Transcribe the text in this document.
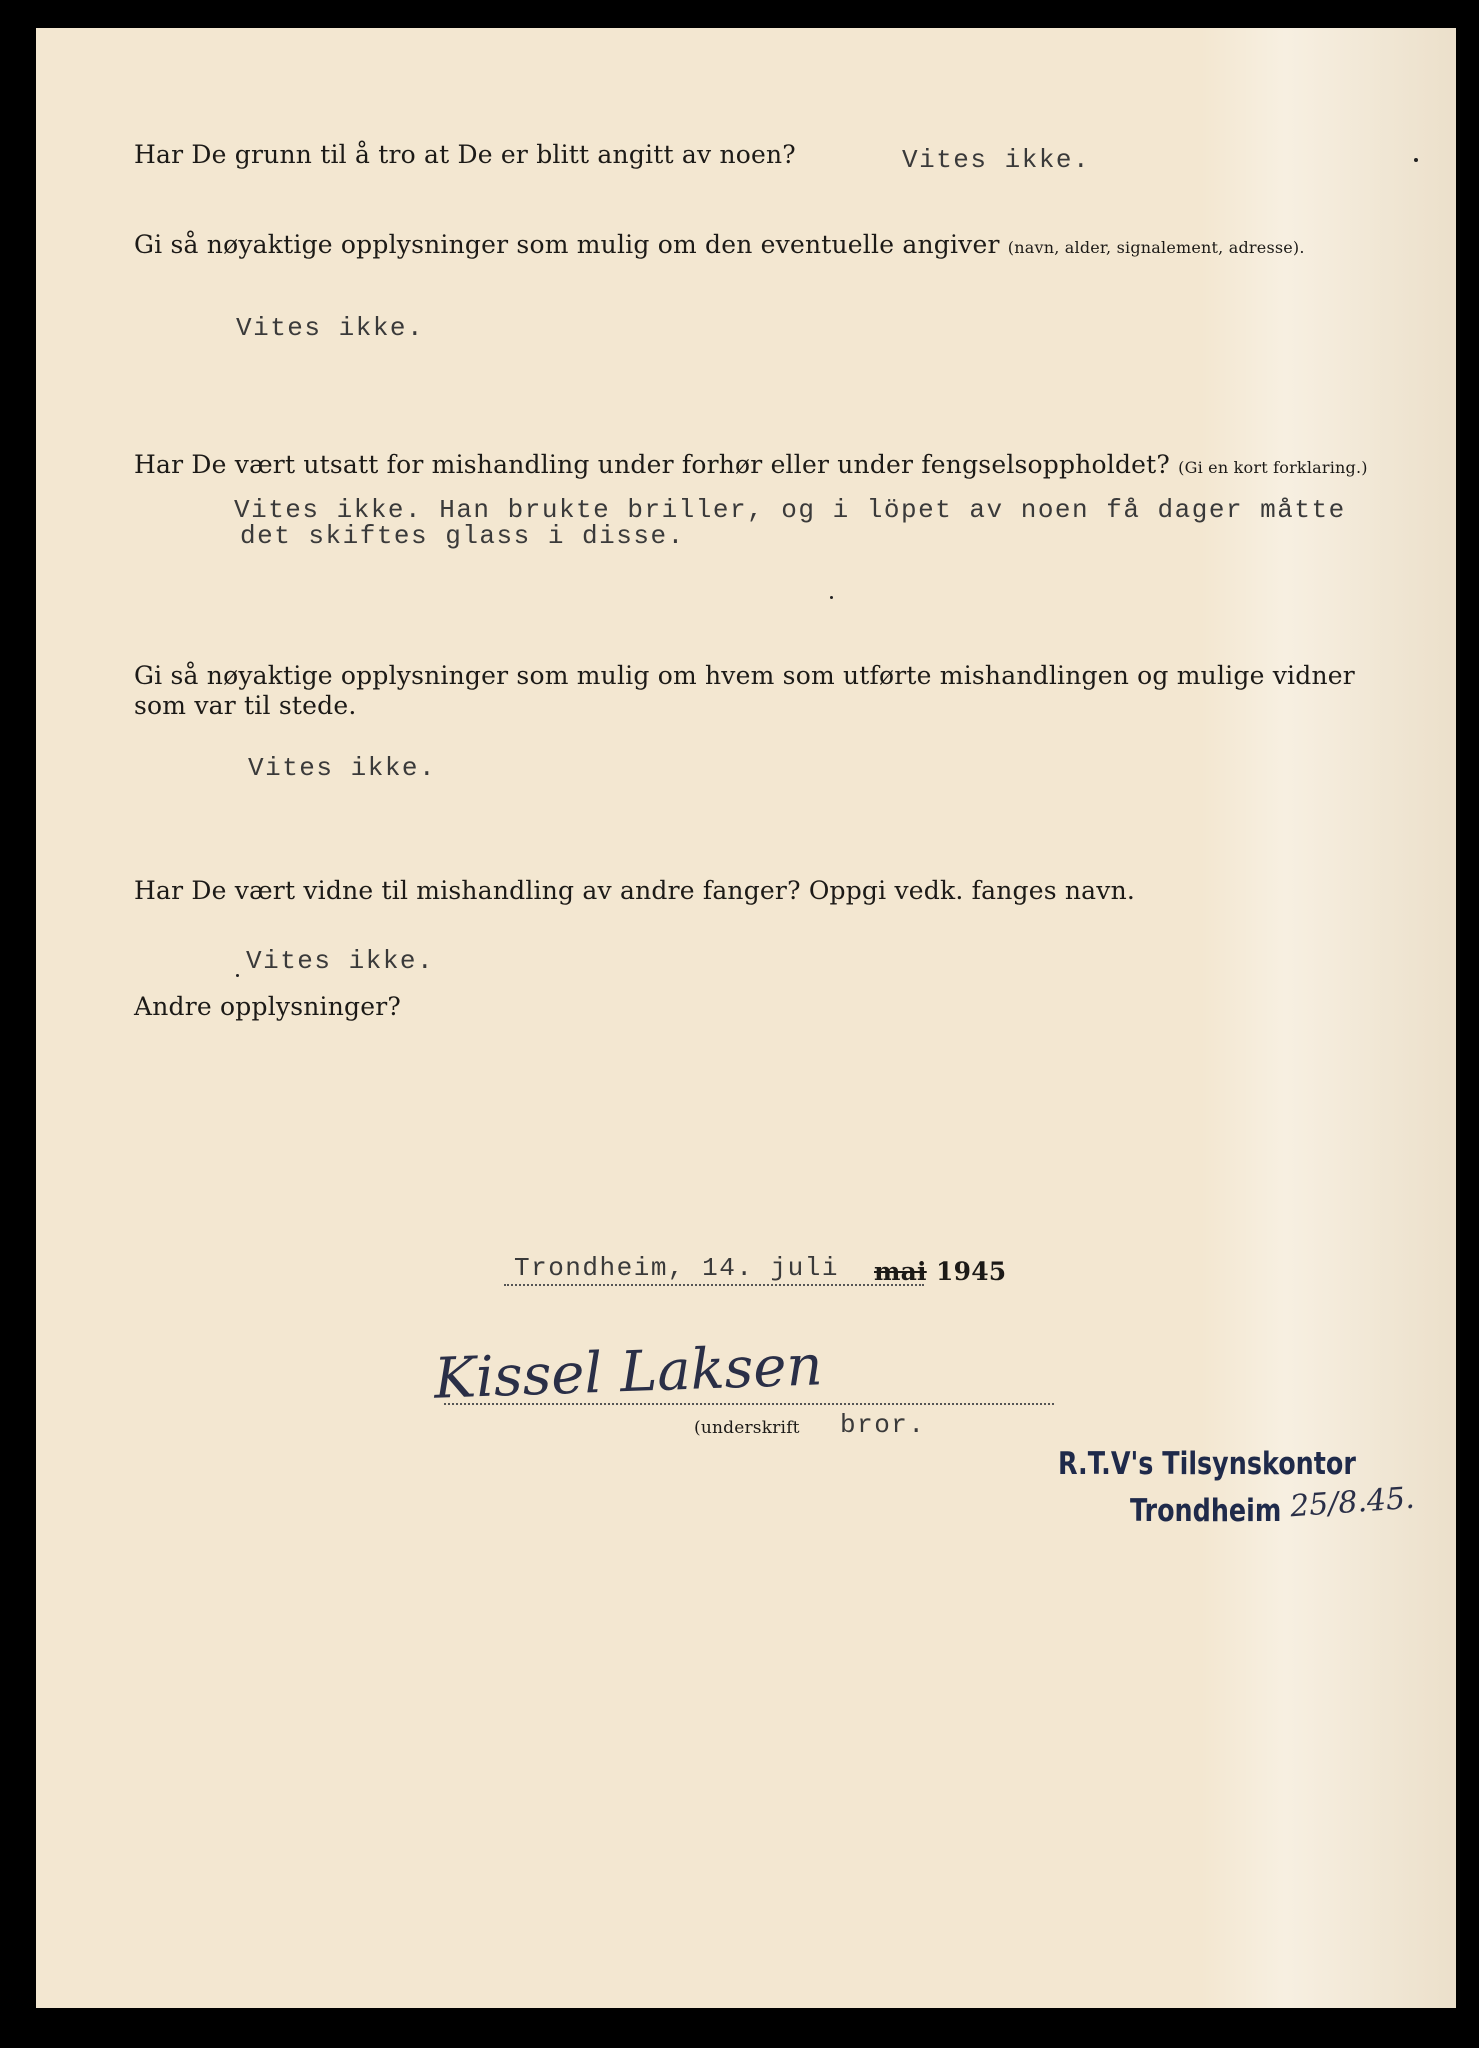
Har De grunn til å tro at De er blitt angitt av noen?	Vites ikke.
Gi så nøyaktige opplysninger som mulig om den eventuelle angiver (navn, alder, signalement, adresse).
Vites ikke.
Har De vært utsatt for mishandling under forhør eller under fengselsoppholdet? (Gi en kort forklaring.)
Vites ikke. Han brukte briller, og i löpet av noen få dager måtte
det skiftes glass i disse.
Gi så nøyaktige opplysninger som mulig om hvem som utførte mishandlingen og mulige vidner
som var til stede.
Vites ikke.
Har De vært vidne til mishandling av andre fanger? Oppgi vedk. fanges navn.
Vites ikke.
Andre opplysninger?
Trondheim, 14. juli mai 1945
Kissel Laksen
(underskrift bror.
R.T.V's Tilsynskontor
Trondheim 25/8.45.
